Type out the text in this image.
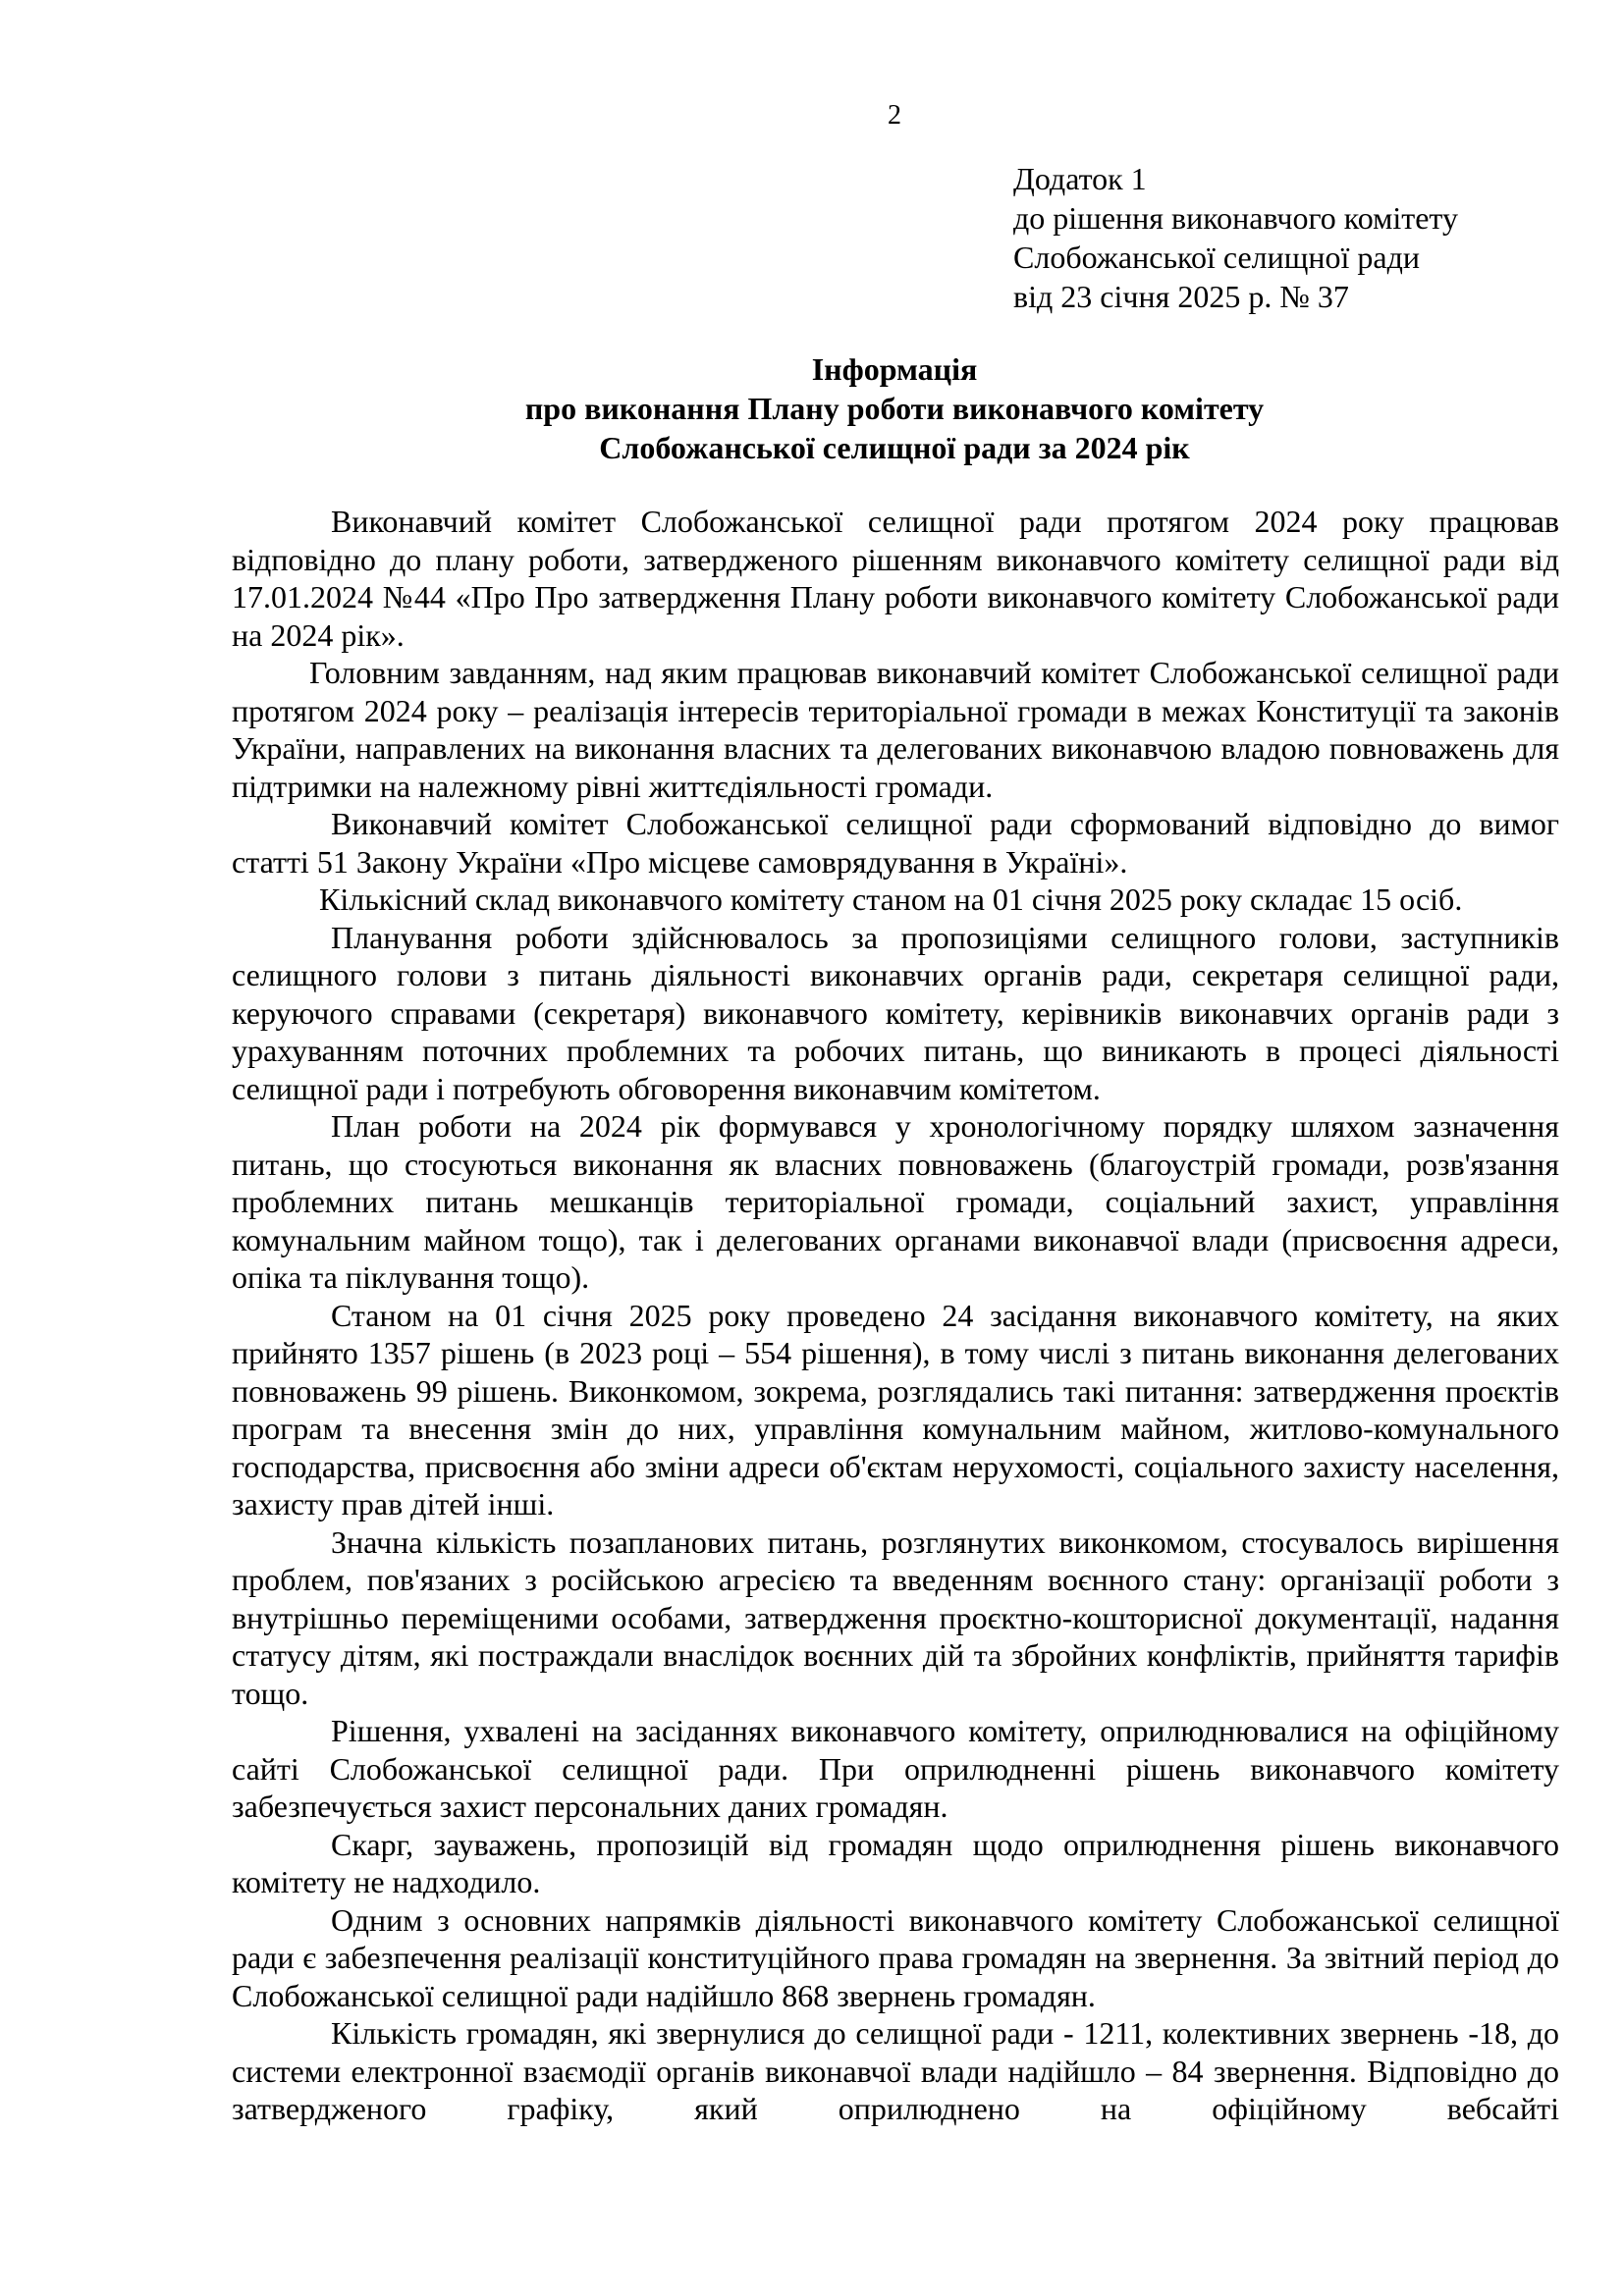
2
Додаток 1
до рішення виконавчого комітету
Слобожанської селищної ради
від 23 січня 2025 р. № 37
Інформація
про виконання Плану роботи виконавчого комітету
Слобожанської селищної ради за 2024 рік

Виконавчий комітет Слобожанської селищної ради протягом 2024 року працював відповідно до плану роботи, затвердженого рішенням виконавчого комітету селищної ради від 17.01.2024 №44 «Про Про затвердження Плану роботи виконавчого комітету Слобожанської ради на 2024 рік».

Головним завданням, над яким працював виконавчий комітет Слобожанської селищної ради протягом 2024 року – реалізація інтересів територіальної громади в межах Конституції та законів України, направлених на виконання власних та делегованих виконавчою владою повноважень для підтримки на належному рівні життєдіяльності громади.

Виконавчий комітет Слобожанської селищної ради сформований відповідно до вимог статті 51 Закону України «Про місцеве самоврядування в Україні».

Кількісний склад виконавчого комітету станом на 01 січня 2025 року складає 15 осіб.

Планування роботи здійснювалось за пропозиціями селищного голови, заступників селищного голови з питань діяльності виконавчих органів ради, секретаря селищної ради, керуючого справами (секретаря) виконавчого комітету, керівників виконавчих органів ради з урахуванням поточних проблемних та робочих питань, що виникають в процесі діяльності селищної ради і потребують обговорення виконавчим комітетом.

План роботи на 2024 рік формувався у хронологічному порядку шляхом зазначення питань, що стосуються виконання як власних повноважень (благоустрій громади, розв'язання проблемних питань мешканців територіальної громади, соціальний захист, управління комунальним майном тощо), так і делегованих органами виконавчої влади (присвоєння адреси, опіка та піклування тощо).

Станом на 01 січня 2025 року проведено 24 засідання виконавчого комітету, на яких прийнято 1357 рішень (в 2023 році – 554 рішення), в тому числі з питань виконання делегованих повноважень 99 рішень. Виконкомом, зокрема, розглядались такі питання: затвердження проєктів програм та внесення змін до них, управління комунальним майном, житлово-комунального господарства, присвоєння або зміни адреси об'єктам нерухомості, соціального захисту населення, захисту прав дітей інші.

Значна кількість позапланових питань, розглянутих виконкомом, стосувалось вирішення проблем, пов'язаних з російською агресією та введенням воєнного стану: організації роботи з внутрішньо переміщеними особами, затвердження проєктно-кошторисної документації, надання статусу дітям, які постраждали внаслідок воєнних дій та збройних конфліктів, прийняття тарифів тощо.

Рішення, ухвалені на засіданнях виконавчого комітету, оприлюднювалися на офіційному сайті Слобожанської селищної ради. При оприлюдненні рішень виконавчого комітету забезпечується захист персональних даних громадян.

Скарг, зауважень, пропозицій від громадян щодо оприлюднення рішень виконавчого комітету не надходило.

Одним з основних напрямків діяльності виконавчого комітету Слобожанської селищної ради є забезпечення реалізації конституційного права громадян на звернення. За звітний період до Слобожанської селищної ради надійшло 868 звернень громадян.

Кількість громадян, які звернулися до селищної ради - 1211, колективних звернень -18, до системи електронної взаємодії органів виконавчої влади надійшло – 84 звернення. Відповідно до затвердженого графіку, який оприлюднено на офіційному вебсайті
